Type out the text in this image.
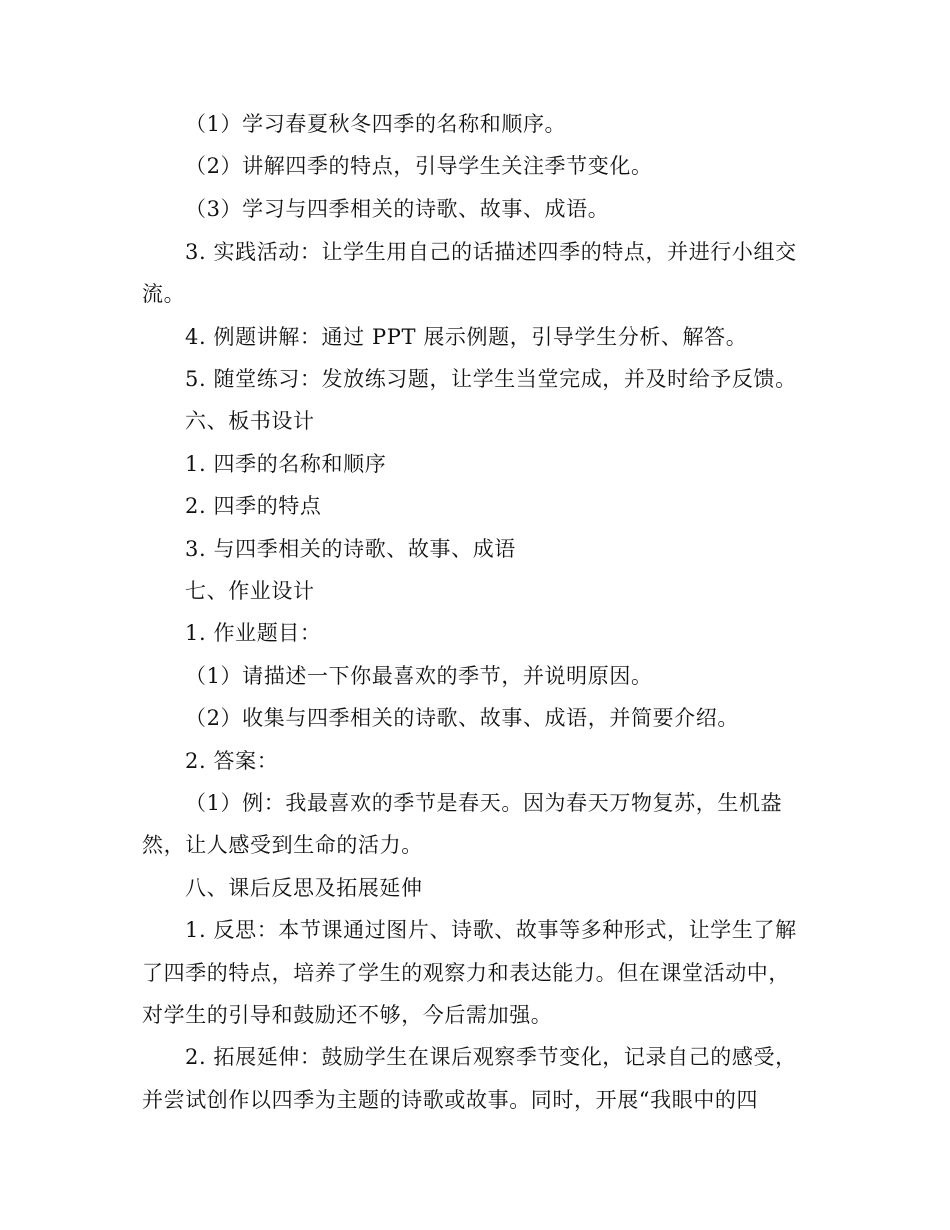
（1）学习春夏秋冬四季的名称和顺序。
（2）讲解四季的特点，引导学生关注季节变化。
（3）学习与四季相关的诗歌、故事、成语。
3. 实践活动：让学生用自己的话描述四季的特点，并进行小组交
流。
4. 例题讲解：通过 PPT 展示例题，引导学生分析、解答。
5. 随堂练习：发放练习题，让学生当堂完成，并及时给予反馈。
六、板书设计
1. 四季的名称和顺序
2. 四季的特点
3. 与四季相关的诗歌、故事、成语
七、作业设计
1. 作业题目：
（1）请描述一下你最喜欢的季节，并说明原因。
（2）收集与四季相关的诗歌、故事、成语，并简要介绍。
2. 答案：
（1）例：我最喜欢的季节是春天。因为春天万物复苏，生机盎
然，让人感受到生命的活力。
八、课后反思及拓展延伸
1. 反思：本节课通过图片、诗歌、故事等多种形式，让学生了解
了四季的特点，培养了学生的观察力和表达能力。但在课堂活动中，
对学生的引导和鼓励还不够，今后需加强。
2. 拓展延伸：鼓励学生在课后观察季节变化，记录自己的感受，
并尝试创作以四季为主题的诗歌或故事。同时，开展“我眼中的四
